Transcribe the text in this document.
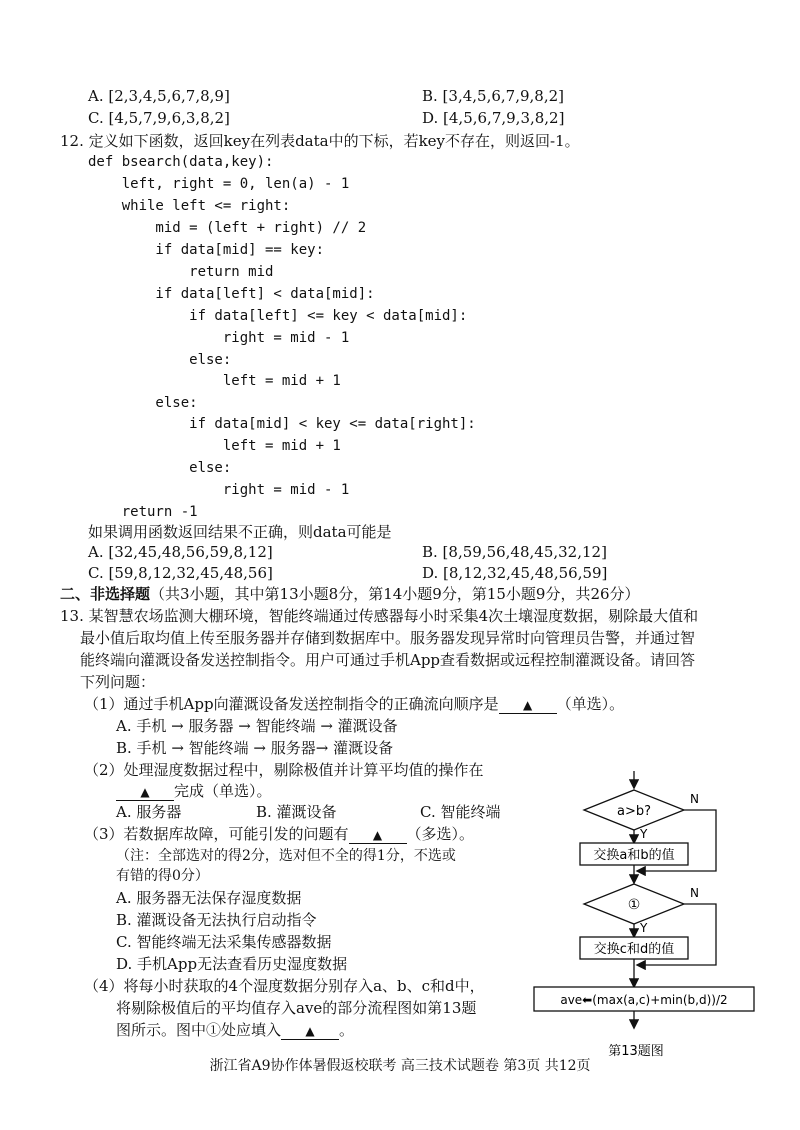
A. [2,3,4,5,6,7,8,9]	B. [3,4,5,6,7,9,8,2]
C. [4,5,7,9,6,3,8,2]	D. [4,5,6,7,9,3,8,2]
12. 定义如下函数，返回key在列表data中的下标，若key不存在，则返回-1。
def bsearch(data,key):
left, right = 0, len(a) - 1
while left <= right:
mid = (left + right) // 2
if data[mid] == key:
return mid
if data[left] < data[mid]:
if data[left] <= key < data[mid]:
right = mid - 1
else:
left = mid + 1
else:
if data[mid] < key <= data[right]:
left = mid + 1
else:
right = mid - 1
return -1
如果调用函数返回结果不正确，则data可能是
A. [32,45,48,56,59,8,12]	B. [8,59,56,48,45,32,12]
C. [59,8,12,32,45,48,56]	D. [8,12,32,45,48,56,59]
二、非选择题（共3小题，其中第13小题8分，第14小题9分，第15小题9分，共26分）
13. 某智慧农场监测大棚环境，智能终端通过传感器每小时采集4次土壤湿度数据，剔除最大值和
最小值后取均值上传至服务器并存储到数据库中。服务器发现异常时向管理员告警，并通过智
能终端向灌溉设备发送控制指令。用户可通过手机App查看数据或远程控制灌溉设备。请回答
下列问题：
（1）通过手机App向灌溉设备发送控制指令的正确流向顺序是 ▲ （单选）。
A. 手机 → 服务器 → 智能终端 → 灌溉设备
B. 手机 → 智能终端 → 服务器→ 灌溉设备
（2）处理湿度数据过程中，剔除极值并计算平均值的操作在
▲ 完成（单选）。
A. 服务器	B. 灌溉设备	C. 智能终端
（3）若数据库故障，可能引发的问题有 ▲ （多选）。
（注：全部选对的得2分，选对但不全的得1分，不选或
有错的得0分）
A. 服务器无法保存湿度数据
B. 灌溉设备无法执行启动指令
C. 智能终端无法采集传感器数据
D. 手机App无法查看历史湿度数据
（4）将每小时获取的4个湿度数据分别存入a、b、c和d中，
将剔除极值后的平均值存入ave的部分流程图如第13题
图所示。图中①处应填入 ▲ 。
a>b?
N
Y
交换a和b的值
①
N
Y
交换c和d的值
ave⬅(max(a,c)+min(b,d))/2
第13题图
浙江省A9协作体暑假返校联考 高三技术试题卷 第3页 共12页
